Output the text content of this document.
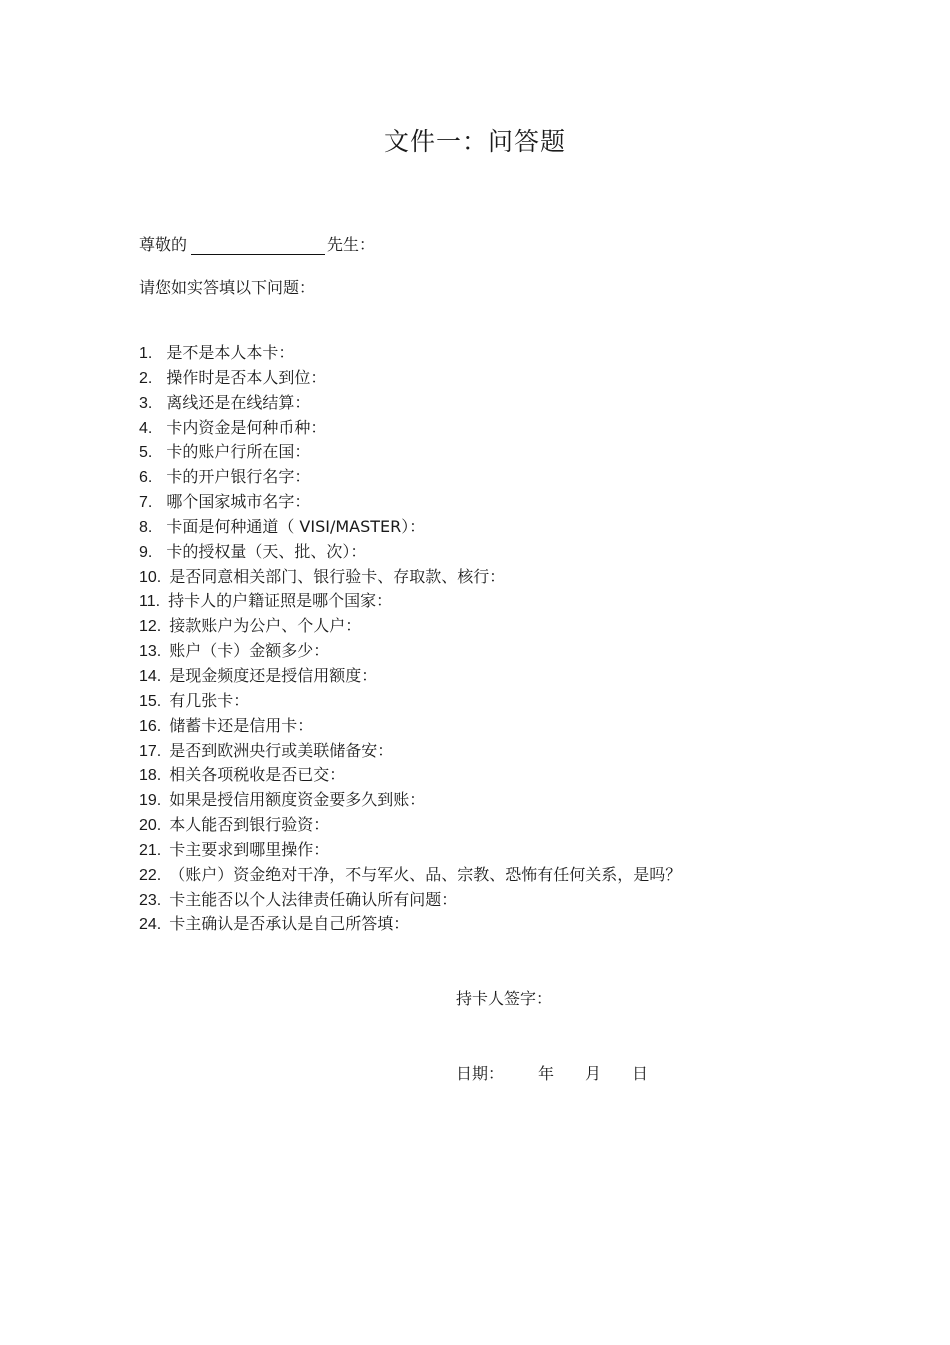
文件一：问答题
尊敬的	先生：
请您如实答填以下问题：
1. 是不是本人本卡：
2. 操作时是否本人到位：
3. 离线还是在线结算：
4. 卡内资金是何种币种：
5. 卡的账户行所在国：
6. 卡的开户银行名字：
7. 哪个国家城市名字：
8. 卡面是何种通道（ VISI/MASTER）：
9. 卡的授权量（天、批、次）：
10. 是否同意相关部门、银行验卡、存取款、核行：
11. 持卡人的户籍证照是哪个国家：
12. 接款账户为公户、个人户：
13. 账户（卡）金额多少：
14. 是现金频度还是授信用额度：
15. 有几张卡：
16. 储蓄卡还是信用卡：
17. 是否到欧洲央行或美联储备安：
18. 相关各项税收是否已交：
19. 如果是授信用额度资金要多久到账：
20. 本人能否到银行验资：
21. 卡主要求到哪里操作：
22. （账户）资金绝对干净，不与军火、品、宗教、恐怖有任何关系，是吗？
23. 卡主能否以个人法律责任确认所有问题：
24. 卡主确认是否承认是自己所答填：
持卡人签字：
日期： 年 月 日
